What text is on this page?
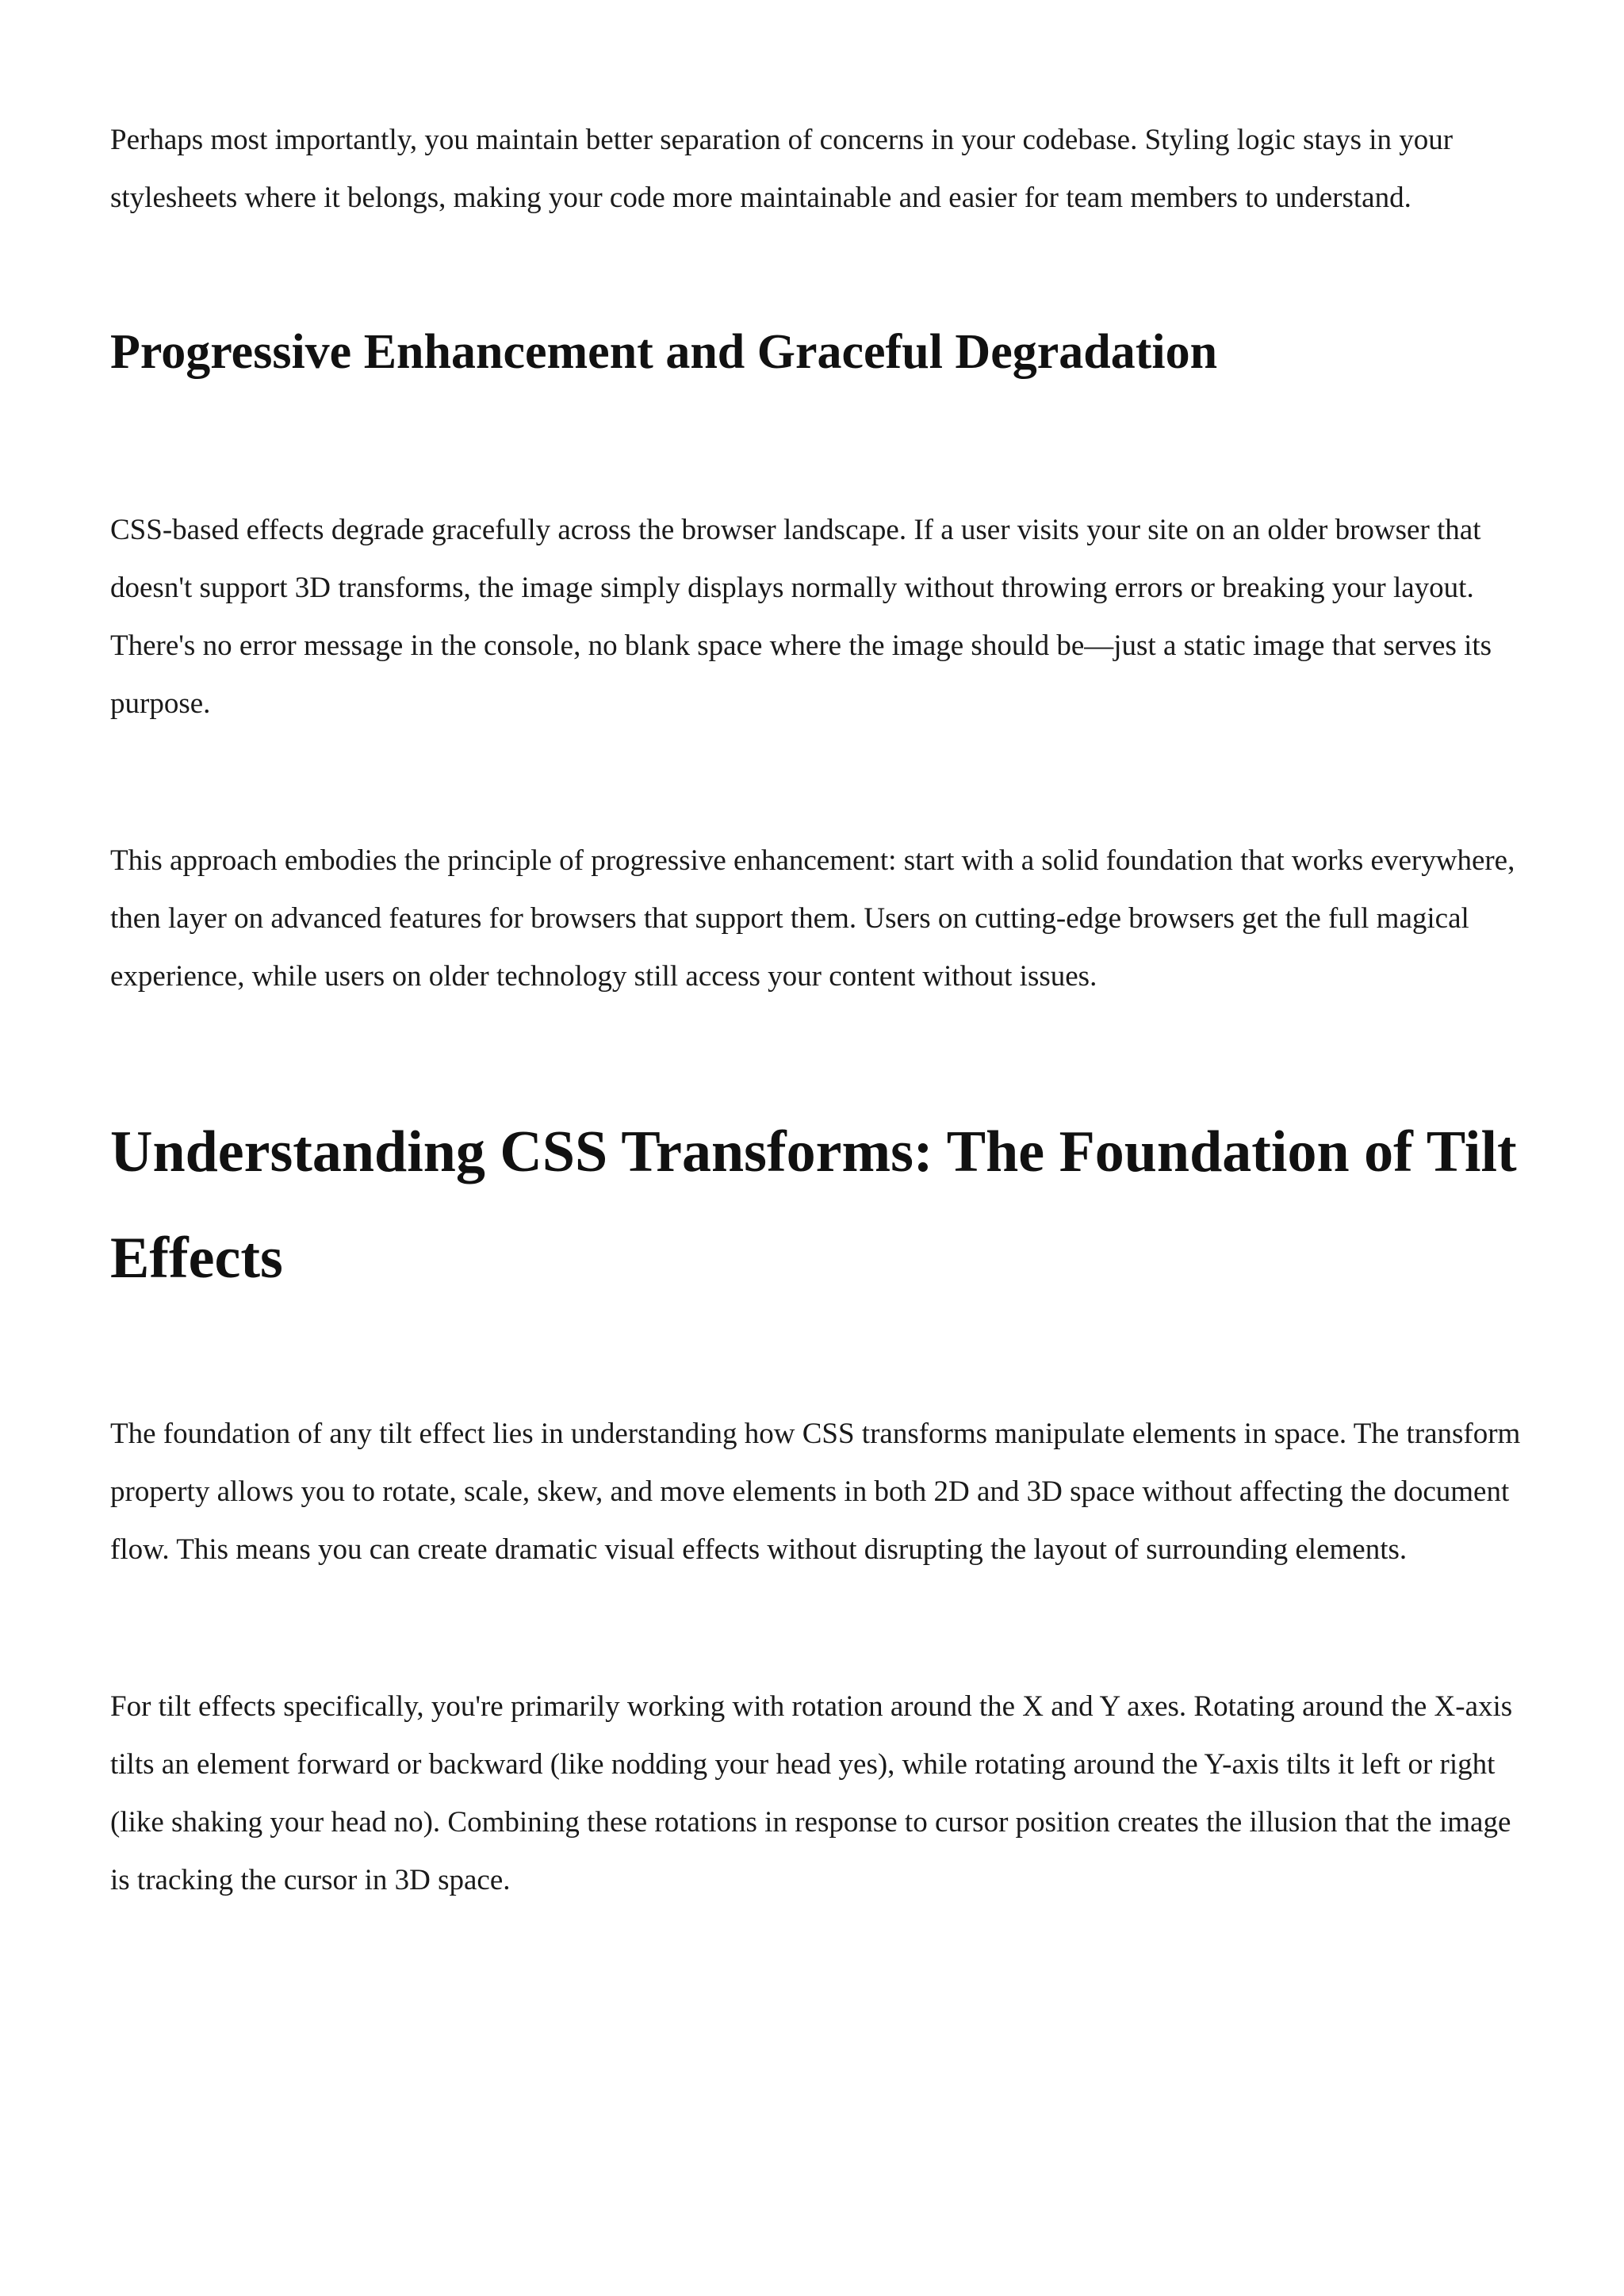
Perhaps most importantly, you maintain better separation of concerns in your codebase. Styling logic stays in your stylesheets where it belongs, making your code more maintainable and easier for team members to understand.

Progressive Enhancement and Graceful Degradation

CSS-based effects degrade gracefully across the browser landscape. If a user visits your site on an older browser that doesn't support 3D transforms, the image simply displays normally without throwing errors or breaking your layout. There's no error message in the console, no blank space where the image should be—just a static image that serves its purpose.

This approach embodies the principle of progressive enhancement: start with a solid foundation that works everywhere, then layer on advanced features for browsers that support them. Users on cutting-edge browsers get the full magical experience, while users on older technology still access your content without issues.

Understanding CSS Transforms: The Foundation of Tilt Effects

The foundation of any tilt effect lies in understanding how CSS transforms manipulate elements in space. The transform property allows you to rotate, scale, skew, and move elements in both 2D and 3D space without affecting the document flow. This means you can create dramatic visual effects without disrupting the layout of surrounding elements.

For tilt effects specifically, you're primarily working with rotation around the X and Y axes. Rotating around the X-axis tilts an element forward or backward (like nodding your head yes), while rotating around the Y-axis tilts it left or right (like shaking your head no). Combining these rotations in response to cursor position creates the illusion that the image is tracking the cursor in 3D space.
